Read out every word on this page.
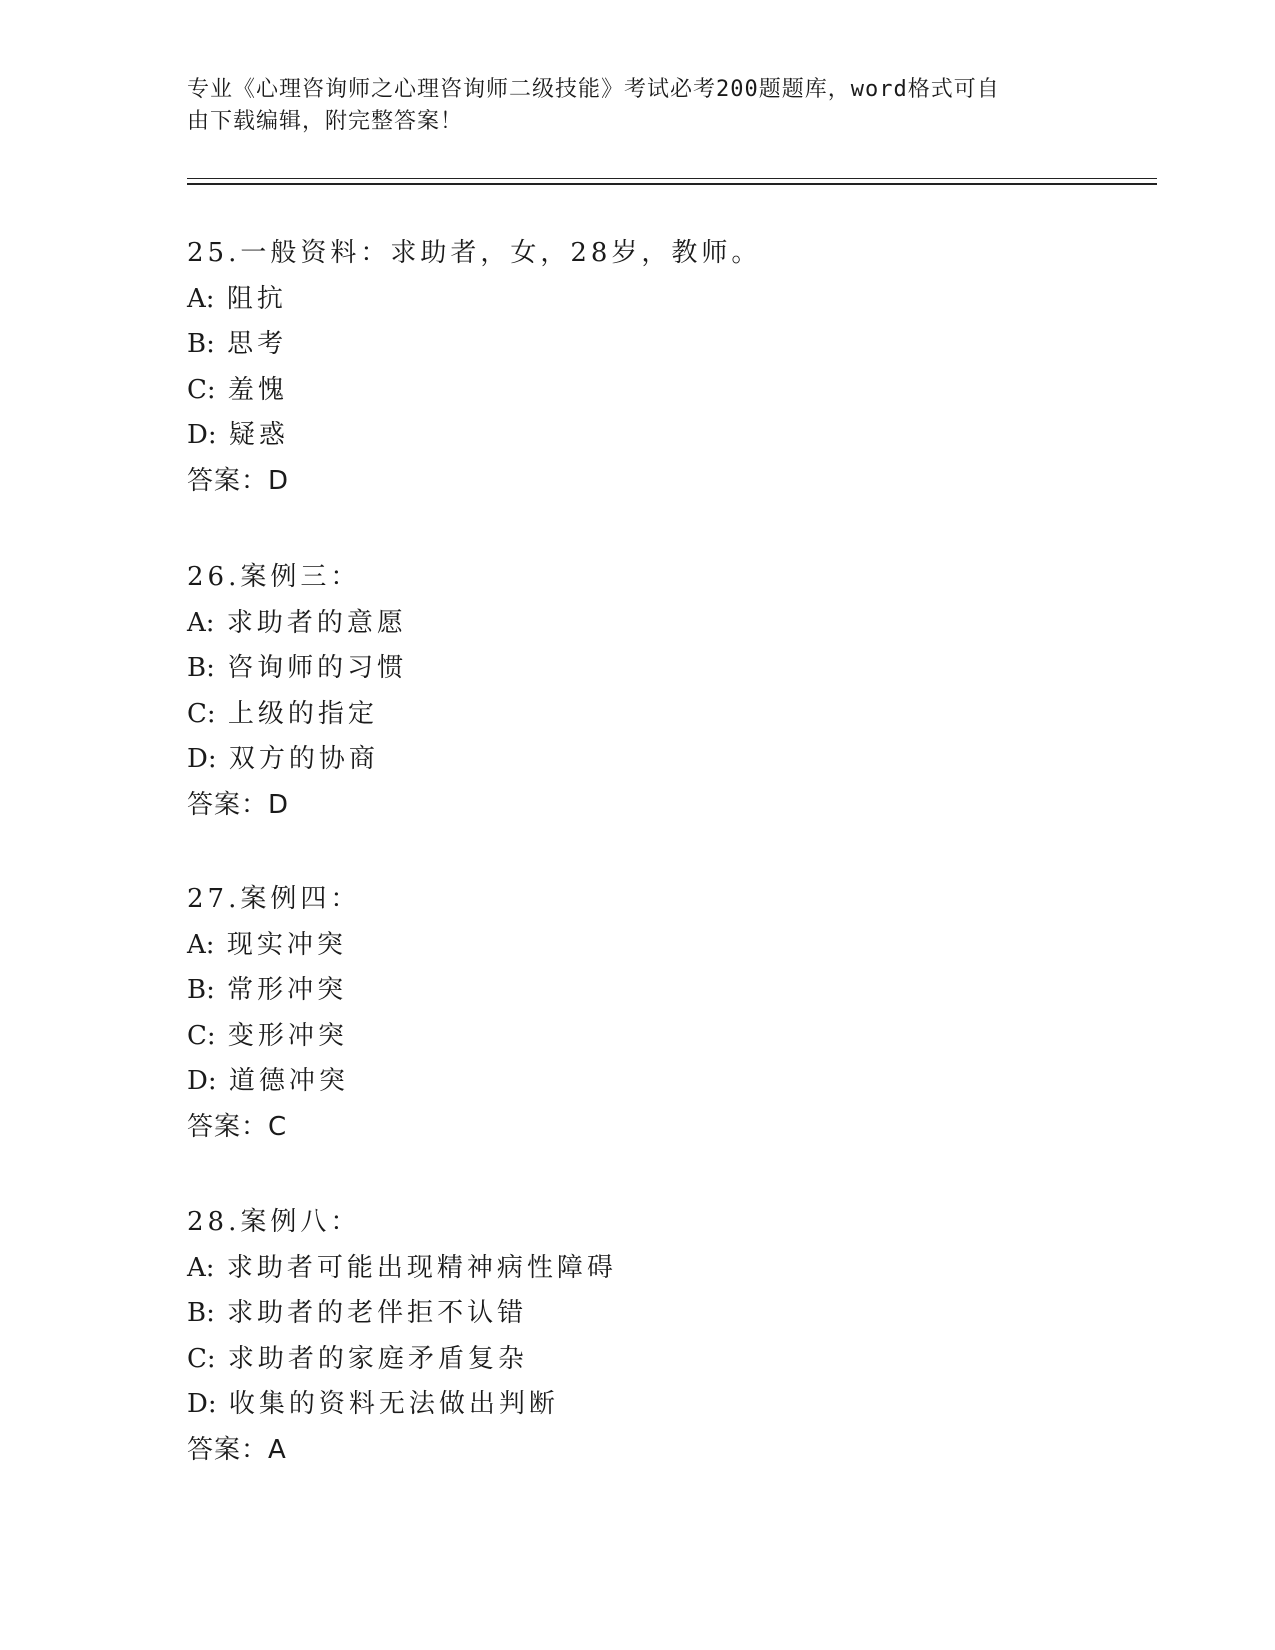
专业《心理咨询师之心理咨询师二级技能》考试必考200题题库，word格式可自
由下载编辑，附完整答案！
25.一般资料：求助者，女，28岁，教师。
A: 阻抗
B: 思考
C: 羞愧
D: 疑惑
答案：D
26.案例三：
A: 求助者的意愿
B: 咨询师的习惯
C: 上级的指定
D: 双方的协商
答案：D
27.案例四：
A: 现实冲突
B: 常形冲突
C: 变形冲突
D: 道德冲突
答案：C
28.案例八：
A: 求助者可能出现精神病性障碍
B: 求助者的老伴拒不认错
C: 求助者的家庭矛盾复杂
D: 收集的资料无法做出判断
答案：A
